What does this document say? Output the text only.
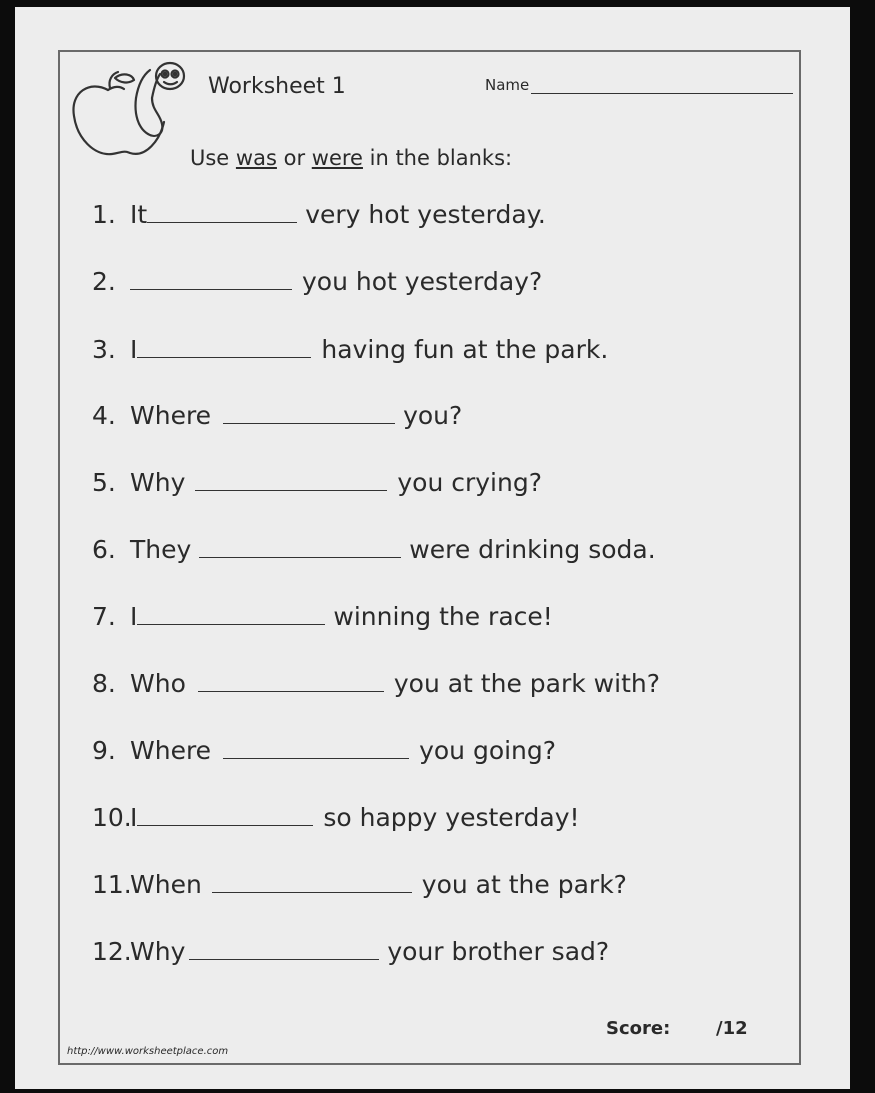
Worksheet 1	Name
Use was or were in the blanks:
1. It	very hot yesterday.
2.	you hot yesterday?
3. I	having fun at the park.
4. Where	you?
5. Why	you crying?
6. They	were drinking soda.
7. I	winning the race!
8. Who	you at the park with?
9. Where	you going?
10.I	so happy yesterday!
11.When	you at the park?
12.Why	your brother sad?
Score:	/12
http://www.worksheetplace.com
